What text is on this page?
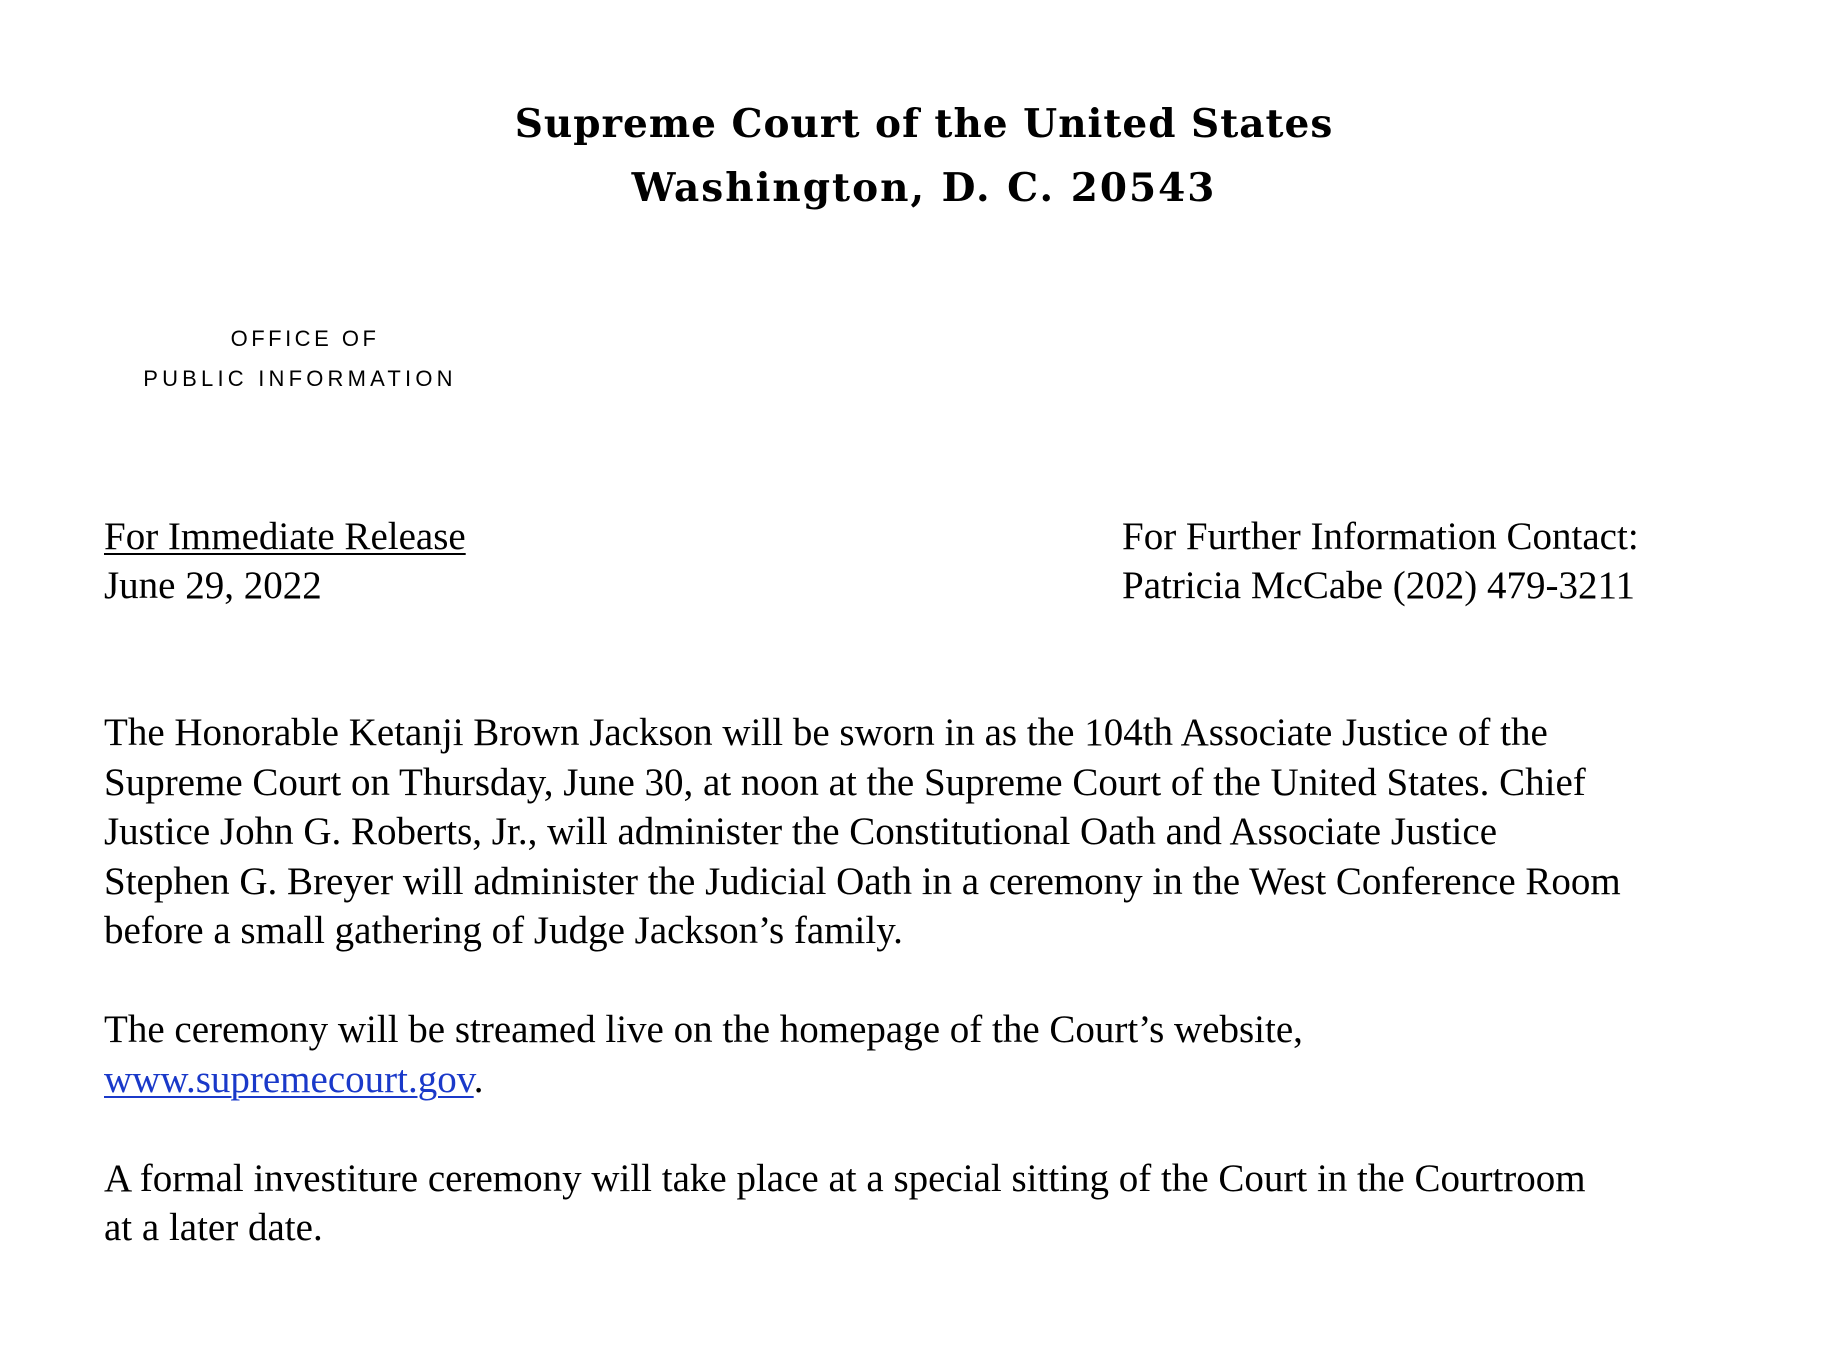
Supreme Court of the United States
Washington, D. C. 20543
OFFICE OF
PUBLIC INFORMATION
For Immediate Release
June 29, 2022
For Further Information Contact:
Patricia McCabe (202) 479-3211

The Honorable Ketanji Brown Jackson will be sworn in as the 104th Associate Justice of the
Supreme Court on Thursday, June 30, at noon at the Supreme Court of the United States. Chief
Justice John G. Roberts, Jr., will administer the Constitutional Oath and Associate Justice
Stephen G. Breyer will administer the Judicial Oath in a ceremony in the West Conference Room
before a small gathering of Judge Jackson’s family.

The ceremony will be streamed live on the homepage of the Court’s website,
www.supremecourt.gov.

A formal investiture ceremony will take place at a special sitting of the Court in the Courtroom
at a later date.
